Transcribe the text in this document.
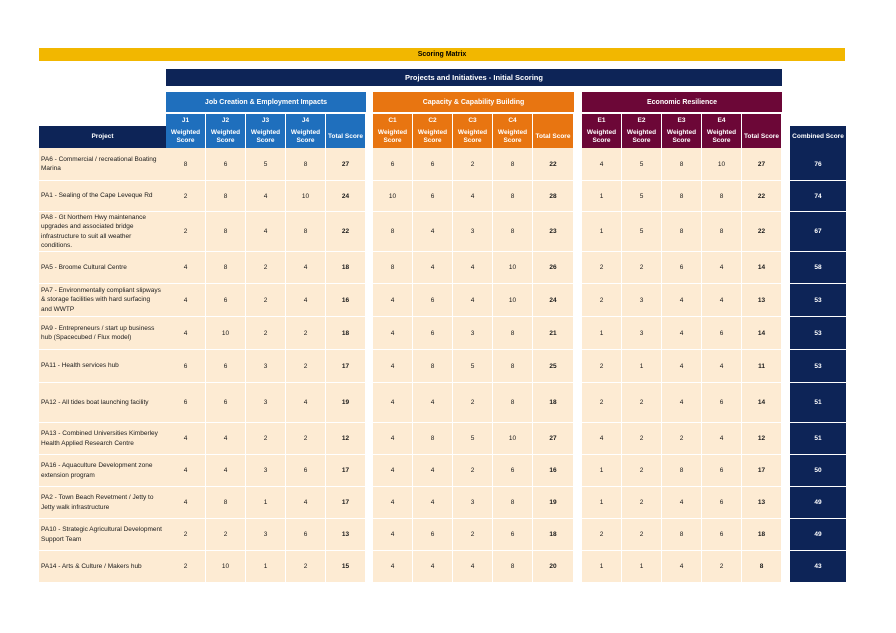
Scoring Matrix
Projects and Initiatives - Initial Scoring
Job Creation & Employment Impacts	Capacity & Capability Building	Economic Resilience
	J1	J2	J3	J4			C1	C2	C3	C4			E1	E2	E3	E4			
Project	Weighted Score	Weighted Score	Weighted Score	Weighted Score	Total Score		Weighted Score	Weighted Score	Weighted Score	Weighted Score	Total Score		Weighted Score	Weighted Score	Weighted Score	Weighted Score	Total Score		Combined Score
PA6 - Commercial / recreational Boating Marina	8	6	5	8	27		6	6	2	8	22		4	5	8	10	27		76
PA1 - Sealing of the Cape Leveque Rd	2	8	4	10	24		10	6	4	8	28		1	5	8	8	22		74
PA8 - Gt Northern Hwy maintenance upgrades and associated bridge infrastructure to suit all weather conditions.	2	8	4	8	22		8	4	3	8	23		1	5	8	8	22		67
PA5 - Broome Cultural Centre	4	8	2	4	18		8	4	4	10	26		2	2	6	4	14		58
PA7 - Environmentally compliant slipways & storage facilities with hard surfacing and WWTP	4	6	2	4	16		4	6	4	10	24		2	3	4	4	13		53
PA9 - Entrepreneurs / start up business hub (Spacecubed / Flux model)	4	10	2	2	18		4	6	3	8	21		1	3	4	6	14		53
PA11 - Health services hub	6	6	3	2	17		4	8	5	8	25		2	1	4	4	11		53
PA12 - All tides boat launching facility	6	6	3	4	19		4	4	2	8	18		2	2	4	6	14		51
PA13 - Combined Universities Kimberley Health Applied Research Centre	4	4	2	2	12		4	8	5	10	27		4	2	2	4	12		51
PA16 - Aquaculture Development zone extension program	4	4	3	6	17		4	4	2	6	16		1	2	8	6	17		50
PA2 - Town Beach Revetment / Jetty to Jetty walk infrastructure	4	8	1	4	17		4	4	3	8	19		1	2	4	6	13		49
PA10 - Strategic Agricultural Development Support Team	2	2	3	6	13		4	6	2	6	18		2	2	8	6	18		49
PA14 - Arts & Culture / Makers hub	2	10	1	2	15		4	4	4	8	20		1	1	4	2	8		43
